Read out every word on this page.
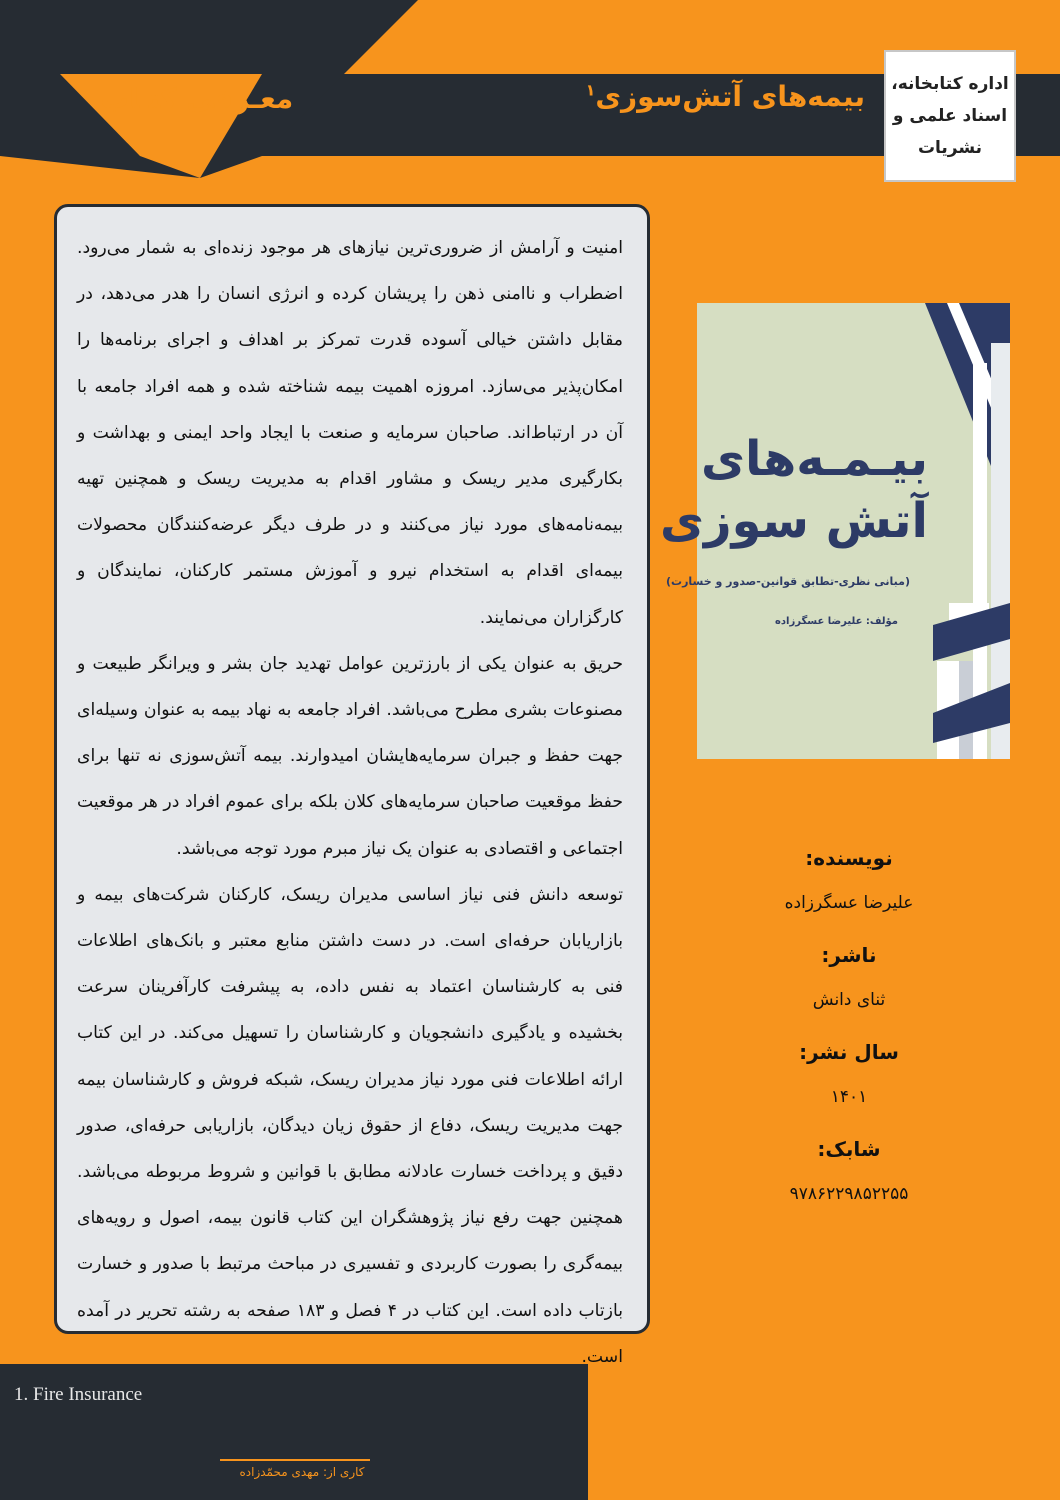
معـرفی کتـاب	بیمه‌های آتش‌سوزی$^۱$	اداره کتابخانه، اسناد علمی و نشریات

امنیت و آرامش از ضروری‌ترین نیازهای هر موجود زنده‌ای به شمار می‌رود. اضطراب و ناامنی ذهن را پریشان کرده و انرژی انسان را هدر می‌دهد، در مقابل داشتن خیالی آسوده قدرت تمرکز بر اهداف و اجرای برنامه‌ها را امکان‌پذیر می‌سازد. امروزه اهمیت بیمه شناخته شده و همه افراد جامعه با آن در ارتباط‌اند. صاحبان سرمایه و صنعت با ایجاد واحد ایمنی و بهداشت و بکارگیری مدیر ریسک و مشاور اقدام به مدیریت ریسک و همچنین تهیه بیمه‌نامه‌های مورد نیاز می‌کنند و در طرف دیگر عرضه‌کنندگان محصولات بیمه‌ای اقدام به استخدام نیرو و آموزش مستمر کارکنان، نمایندگان و کارگزاران می‌نمایند.

حریق به عنوان یکی از بارزترین عوامل تهدید جان بشر و ویرانگر طبیعت و مصنوعات بشری مطرح می‌باشد. افراد جامعه به نهاد بیمه به عنوان وسیله‌ای جهت حفظ و جبران سرمایه‌هایشان امیدوارند. بیمه آتش‌سوزی نه تنها برای حفظ موقعیت صاحبان سرمایه‌های کلان بلکه برای عموم افراد در هر موقعیت اجتماعی و اقتصادی به عنوان یک نیاز مبرم مورد توجه می‌باشد.

توسعه دانش فنی نیاز اساسی مدیران ریسک، کارکنان شرکت‌های بیمه و بازاریابان حرفه‌ای است. در دست داشتن منابع معتبر و بانک‌های اطلاعات فنی به کارشناسان اعتماد به نفس داده، به پیشرفت کارآفرینان سرعت بخشیده و یادگیری دانشجویان و کارشناسان را تسهیل می‌کند. در این کتاب ارائه اطلاعات فنی مورد نیاز مدیران ریسک، شبکه فروش و کارشناسان بیمه جهت مدیریت ریسک، دفاع از حقوق زیان دیدگان، بازاریابی حرفه‌ای، صدور دقیق و پرداخت خسارت عادلانه مطابق با قوانین و شروط مربوطه می‌باشد. همچنین جهت رفع نیاز پژوهشگران این کتاب قانون بیمه، اصول و رویه‌های بیمه‌گری را بصورت کاربردی و تفسیری در مباحث مرتبط با صدور و خسارت بازتاب داده است. این کتاب در ۴ فصل و ۱۸۳ صفحه به رشته تحریر در آمده است.

بیـمـه‌های
آتش سوزی
(مبانی نظری-تطابق قوانین-صدور و خسارت)
مؤلف: علیرضا عسگرزاده
نویسنده:
علیرضا عسگرزاده
ناشر:
ثنای دانش
سال نشر:
۱۴۰۱
شابک:
۹۷۸۶۲۲۹۸۵۲۲۵۵
1. Fire Insurance
کاری از: مهدی محمّدزاده
